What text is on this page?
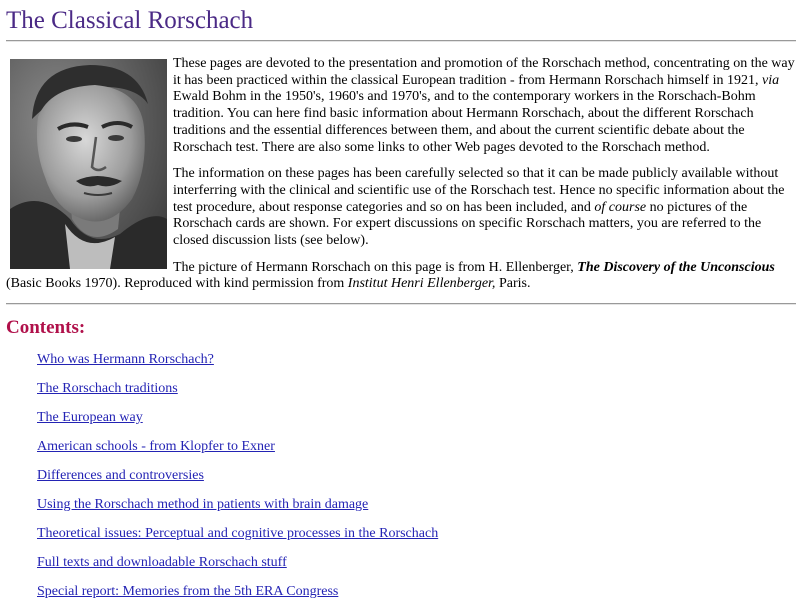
The Classical Rorschach

These pages are devoted to the presentation and promotion of the Rorschach method, concentrating on the way it has been practiced within the classical European tradition - from Hermann Rorschach himself in 1921, via Ewald Bohm in the 1950's, 1960's and 1970's, and to the contemporary workers in the Rorschach-Bohm tradition. You can here find basic information about Hermann Rorschach, about the different Rorschach traditions and the essential differences between them, and about the current scientific debate about the Rorschach test. There are also some links to other Web pages devoted to the Rorschach method.

The information on these pages has been carefully selected so that it can be made publicly available without interferring with the clinical and scientific use of the Rorschach test. Hence no specific information about the test procedure, about response categories and so on has been included, and of course no pictures of the Rorschach cards are shown. For expert discussions on specific Rorschach matters, you are referred to the closed discussion lists (see below).

The picture of Hermann Rorschach on this page is from H. Ellenberger, The Discovery of the Unconscious (Basic Books 1970). Reproduced with kind permission from Institut Henri Ellenberger, Paris.

Contents:
Who was Hermann Rorschach?
The Rorschach traditions
The European way
American schools - from Klopfer to Exner
Differences and controversies
Using the Rorschach method in patients with brain damage
Theoretical issues: Perceptual and cognitive processes in the Rorschach
Full texts and downloadable Rorschach stuff
Special report: Memories from the 5th ERA Congress
